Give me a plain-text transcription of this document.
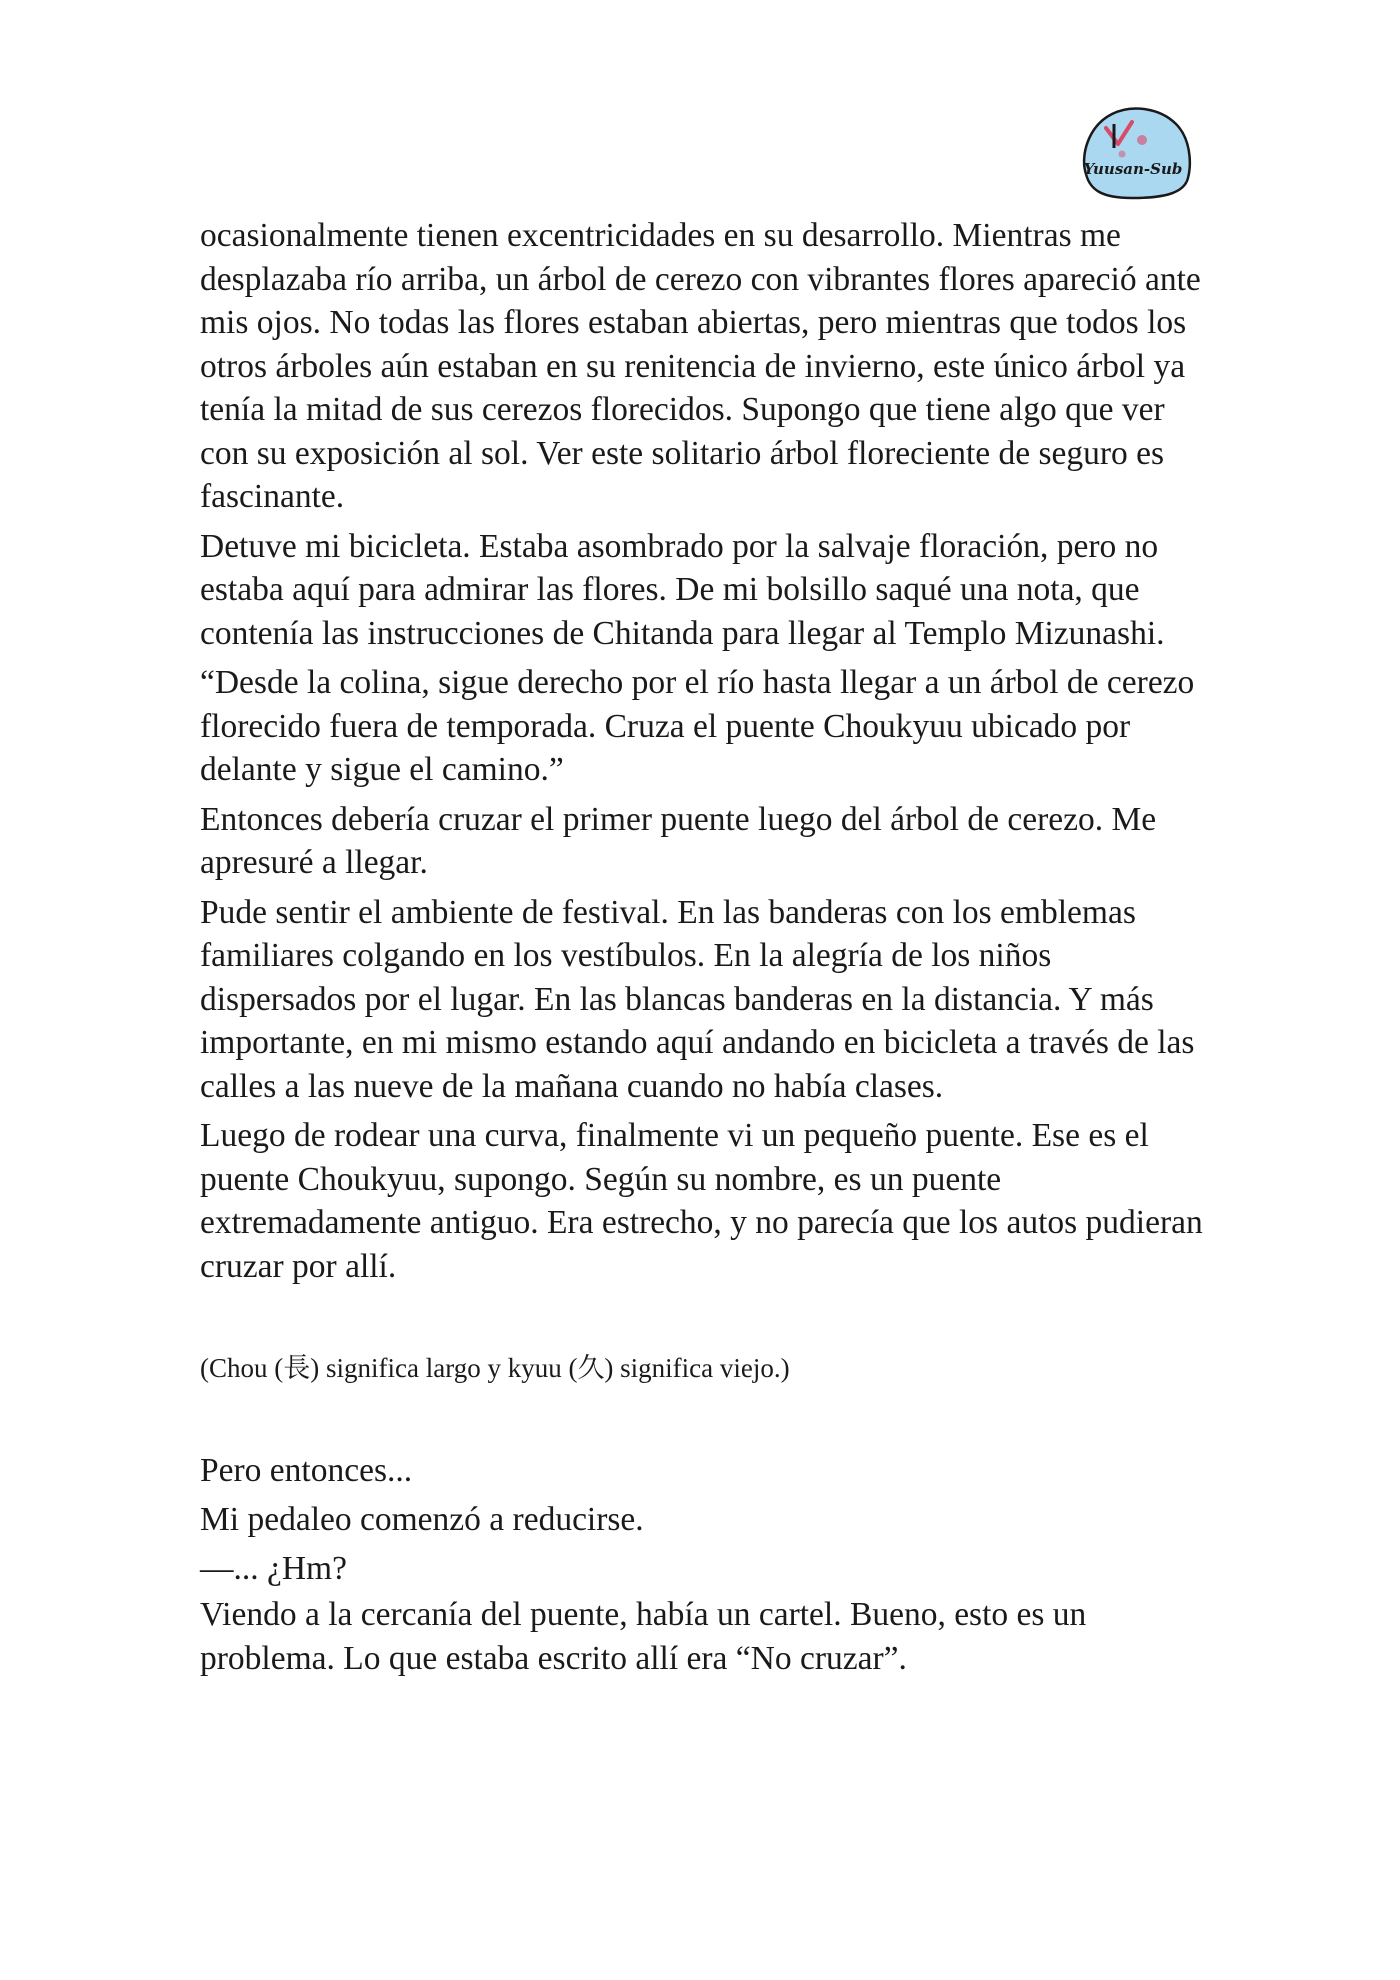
Yuusan-Sub

ocasionalmente tienen excentricidades en su desarrollo. Mientras me desplazaba río arriba, un árbol de cerezo con vibrantes flores apareció ante mis ojos. No todas las flores estaban abiertas, pero mientras que todos los otros árboles aún estaban en su renitencia de invierno, este único árbol ya tenía la mitad de sus cerezos florecidos. Supongo que tiene algo que ver con su exposición al sol. Ver este solitario árbol floreciente de seguro es fascinante.

Detuve mi bicicleta. Estaba asombrado por la salvaje floración, pero no estaba aquí para admirar las flores. De mi bolsillo saqué una nota, que contenía las instrucciones de Chitanda para llegar al Templo Mizunashi.

“Desde la colina, sigue derecho por el río hasta llegar a un árbol de cerezo florecido fuera de temporada. Cruza el puente Choukyuu ubicado por delante y sigue el camino.”

Entonces debería cruzar el primer puente luego del árbol de cerezo. Me apresuré a llegar.

Pude sentir el ambiente de festival. En las banderas con los emblemas familiares colgando en los vestíbulos. En la alegría de los niños dispersados por el lugar. En las blancas banderas en la distancia. Y más importante, en mi mismo estando aquí andando en bicicleta a través de las calles a las nueve de la mañana cuando no había clases.

Luego de rodear una curva, finalmente vi un pequeño puente. Ese es el puente Choukyuu, supongo. Según su nombre, es un puente extremadamente antiguo. Era estrecho, y no parecía que los autos pudieran cruzar por allí.

(Chou (長) significa largo y kyuu (久) significa viejo.)

Pero entonces...

Mi pedaleo comenzó a reducirse.

—... ¿Hm?

Viendo a la cercanía del puente, había un cartel. Bueno, esto es un problema. Lo que estaba escrito allí era “No cruzar”.
